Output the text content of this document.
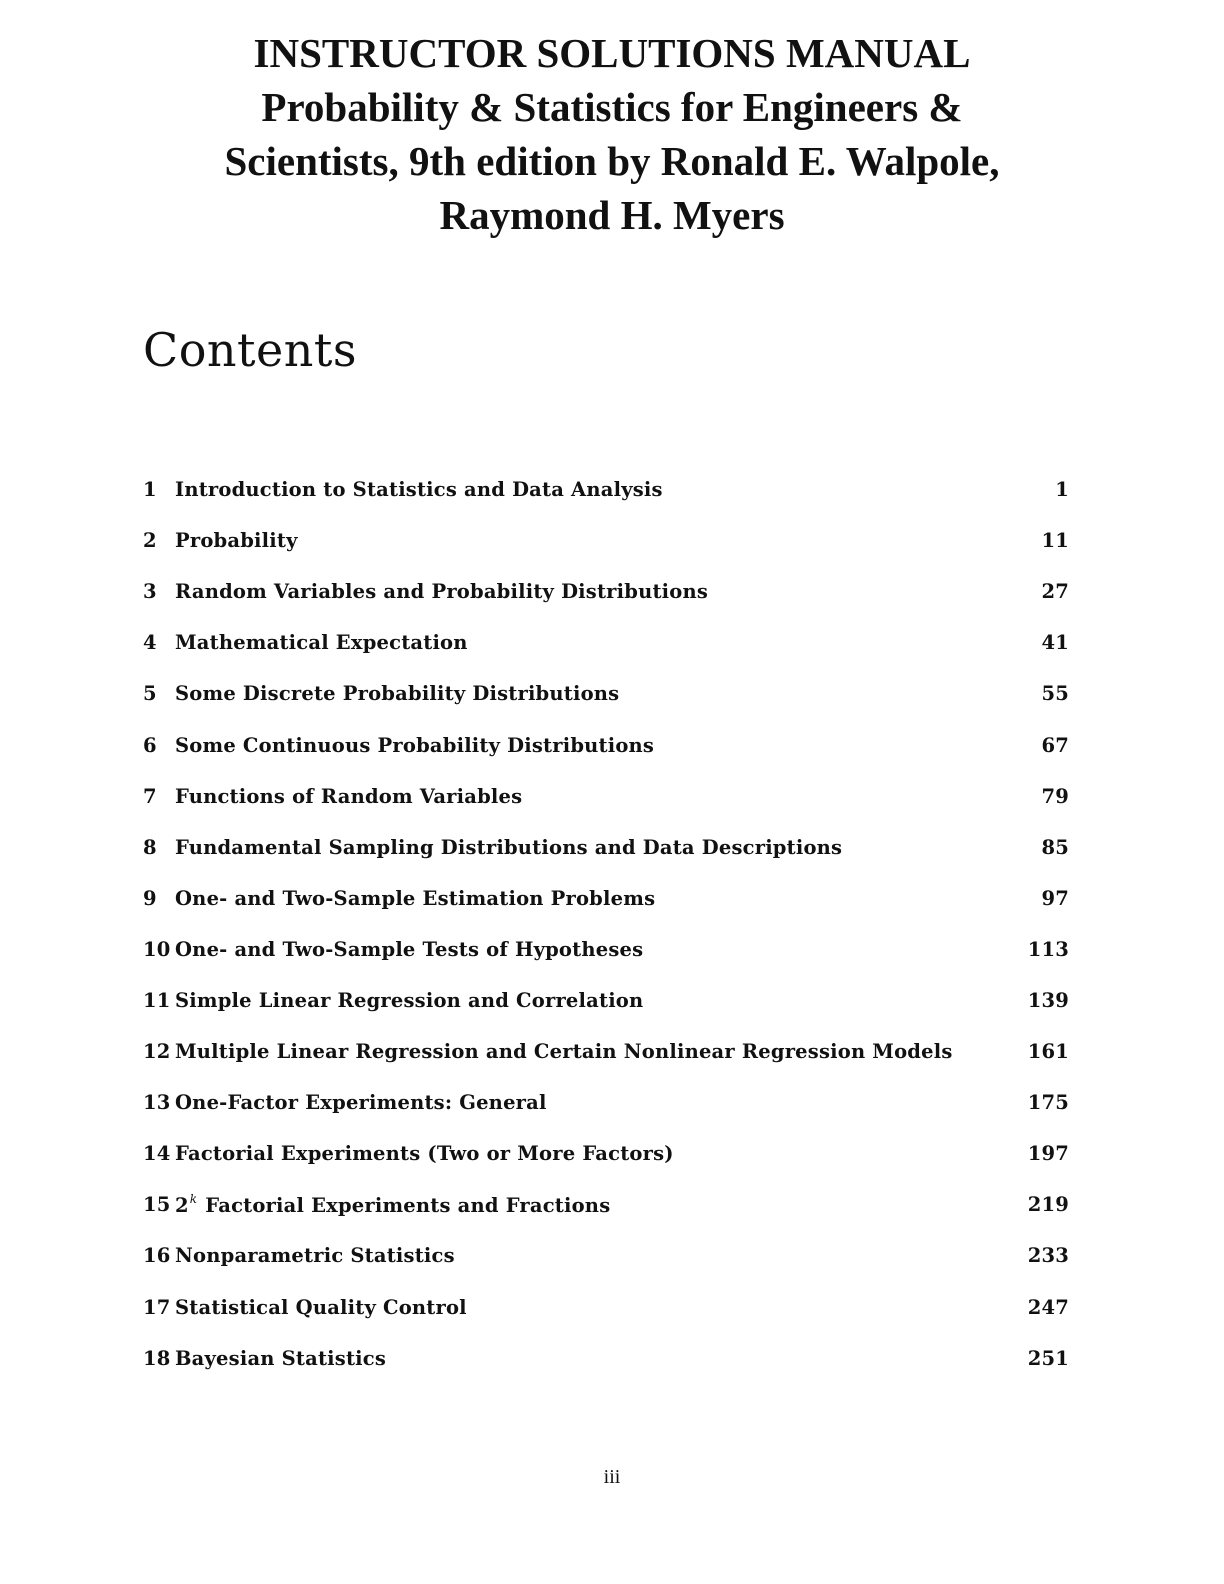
INSTRUCTOR SOLUTIONS MANUAL
Probability & Statistics for Engineers &
Scientists, 9th edition by Ronald E. Walpole,
Raymond H. Myers
Contents
1 Introduction to Statistics and Data Analysis	1
2 Probability	11
3 Random Variables and Probability Distributions	27
4 Mathematical Expectation	41
5 Some Discrete Probability Distributions	55
6 Some Continuous Probability Distributions	67
7 Functions of Random Variables	79
8 Fundamental Sampling Distributions and Data Descriptions	85
9 One- and Two-Sample Estimation Problems	97
10 One- and Two-Sample Tests of Hypotheses	113
11 Simple Linear Regression and Correlation	139
12 Multiple Linear Regression and Certain Nonlinear Regression Models	161
13 One-Factor Experiments: General	175
14 Factorial Experiments (Two or More Factors)	197
15 2$^k$ Factorial Experiments and Fractions	219
16 Nonparametric Statistics	233
17 Statistical Quality Control	247
18 Bayesian Statistics	251
iii
